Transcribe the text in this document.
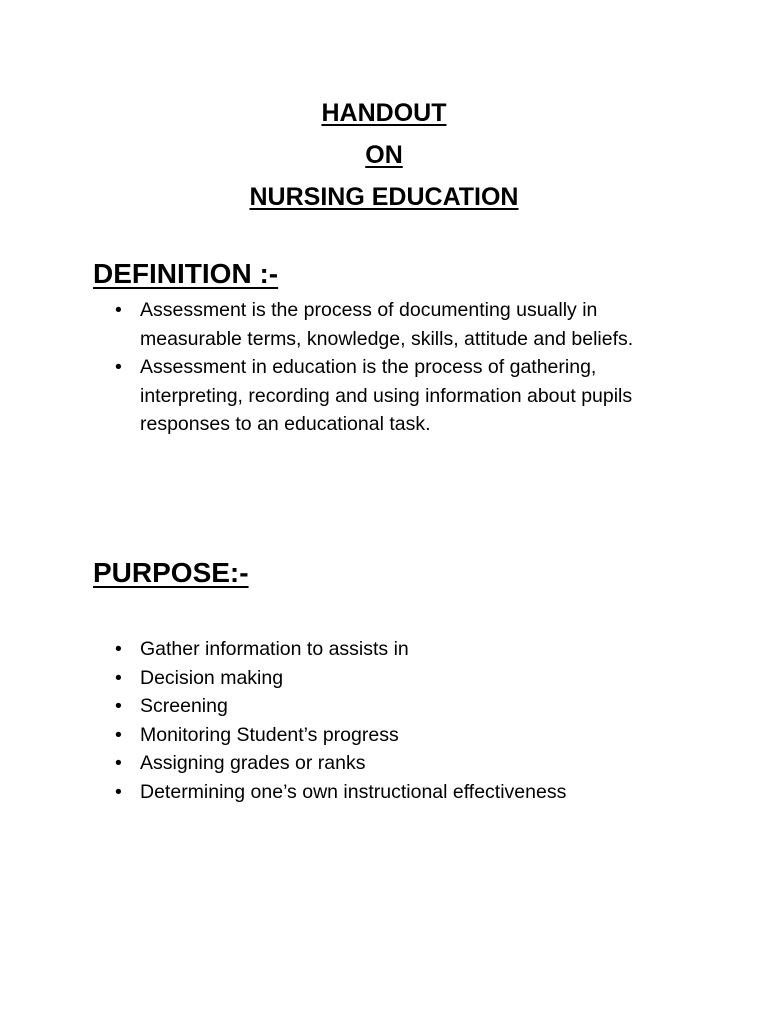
HANDOUT
ON
NURSING EDUCATION
DEFINITION :-
• Assessment is the process of documenting usually in measurable terms, knowledge, skills, attitude and beliefs.
• Assessment in education is the process of gathering, interpreting, recording and using information about pupils responses to an educational task.
PURPOSE:-
• Gather information to assists in
• Decision making
• Screening
• Monitoring Student’s progress
• Assigning grades or ranks
• Determining one’s own instructional effectiveness
